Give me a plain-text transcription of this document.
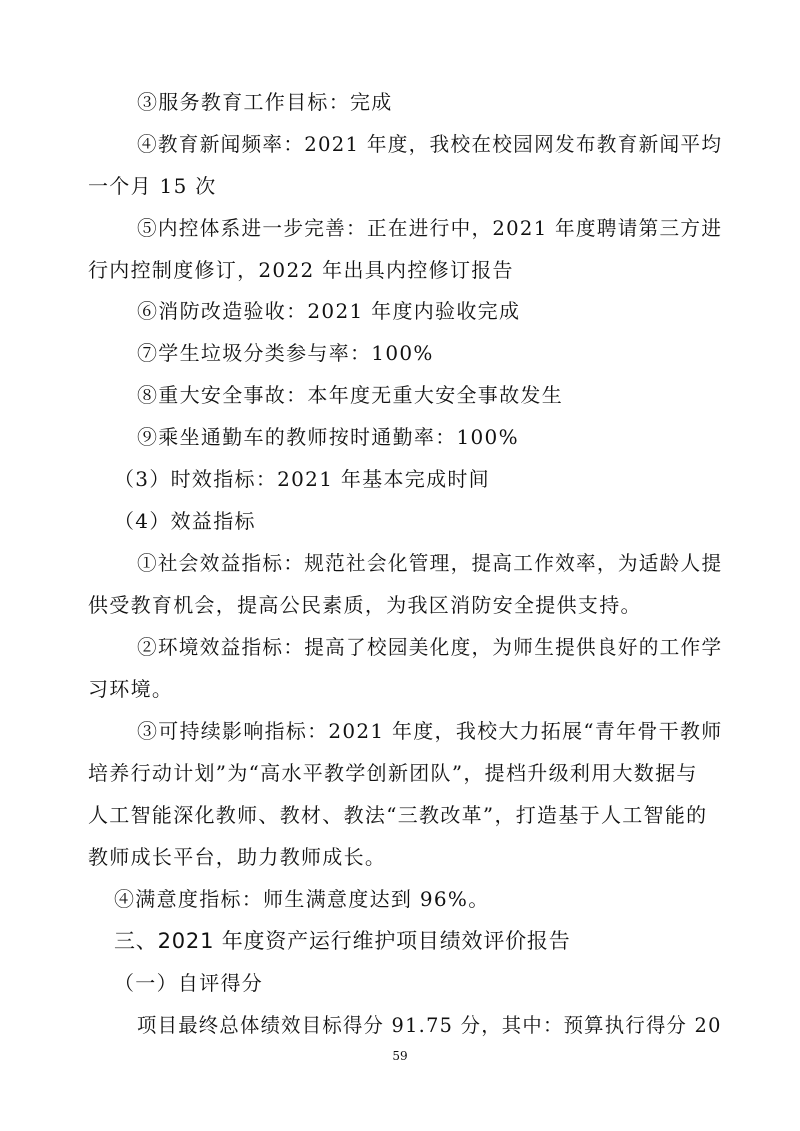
③服务教育工作目标：完成
④教育新闻频率：2021 年度，我校在校园网发布教育新闻平均
一个月 15 次
⑤内控体系进一步完善：正在进行中，2021 年度聘请第三方进
行内控制度修订，2022 年出具内控修订报告
⑥消防改造验收：2021 年度内验收完成
⑦学生垃圾分类参与率：100%
⑧重大安全事故：本年度无重大安全事故发生
⑨乘坐通勤车的教师按时通勤率：100%
（3）时效指标：2021 年基本完成时间
（4）效益指标
①社会效益指标：规范社会化管理，提高工作效率，为适龄人提
供受教育机会，提高公民素质，为我区消防安全提供支持。
②环境效益指标：提高了校园美化度，为师生提供良好的工作学
习环境。
③可持续影响指标：2021 年度，我校大力拓展“青年骨干教师
培养行动计划”为“高水平教学创新团队”，提档升级利用大数据与
人工智能深化教师、教材、教法“三教改革”，打造基于人工智能的
教师成长平台，助力教师成长。
④满意度指标：师生满意度达到 96%。
三、2021 年度资产运行维护项目绩效评价报告
（一）自评得分
项目最终总体绩效目标得分 91.75 分，其中：预算执行得分 20
59
